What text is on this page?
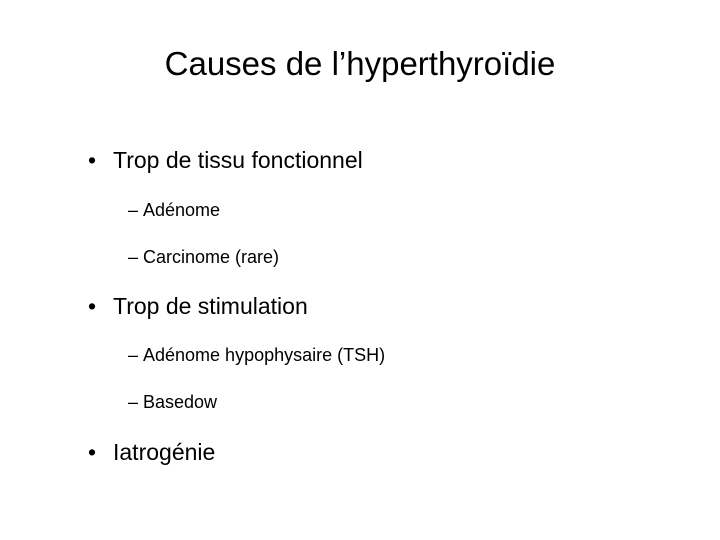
Causes de l’hyperthyroïdie
• Trop de tissu fonctionnel
– Adénome
– Carcinome (rare)
• Trop de stimulation
– Adénome hypophysaire (TSH)
– Basedow
• Iatrogénie
